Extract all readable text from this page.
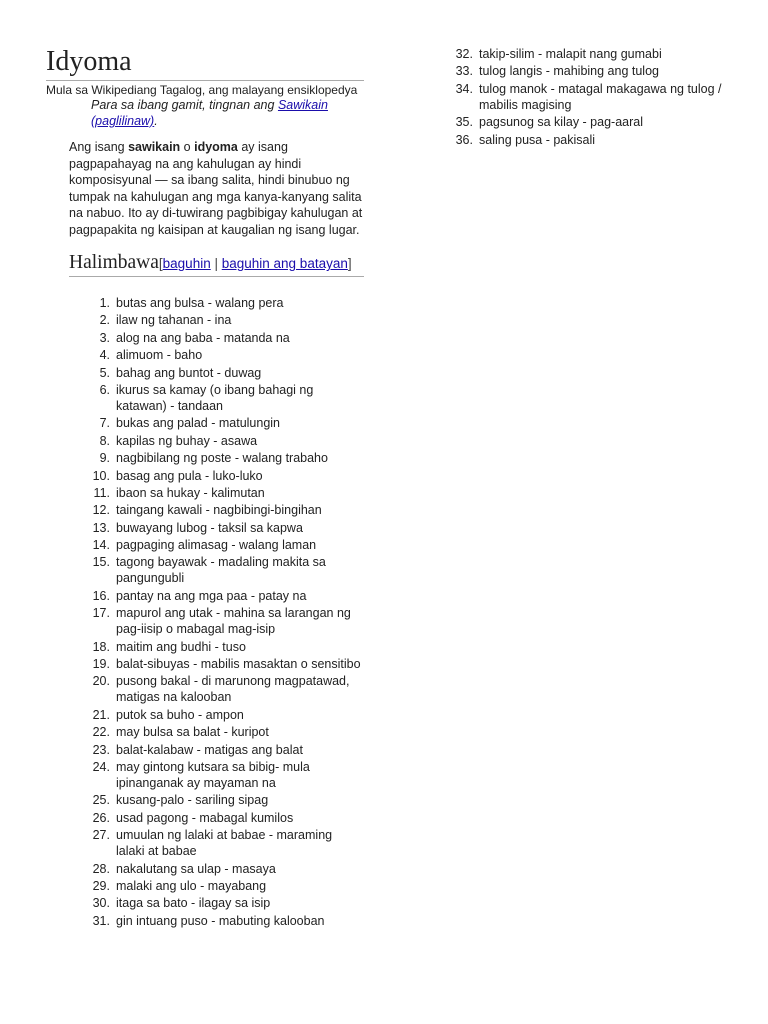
Idyoma
Mula sa Wikipediang Tagalog, ang malayang ensiklopedya
Para sa ibang gamit, tingnan ang Sawikain (paglilinaw).
Ang isang sawikain o idyoma ay isang pagpapahayag na ang kahulugan ay hindi komposisyunal — sa ibang salita, hindi binubuo ng tumpak na kahulugan ang mga kanya-kanyang salita na nabuo. Ito ay di-tuwirang pagbibigay kahulugan at pagpapakita ng kaisipan at kaugalian ng isang lugar.
Halimbawa[baguhin | baguhin ang batayan]
1. butas ang bulsa - walang pera
2. ilaw ng tahanan - ina
3. alog na ang baba - matanda na
4. alimuom - baho
5. bahag ang buntot - duwag
6. ikurus sa kamay (o ibang bahagi ng katawan) - tandaan
7. bukas ang palad - matulungin
8. kapilas ng buhay - asawa
9. nagbibilang ng poste - walang trabaho
10. basag ang pula - luko-luko
11. ibaon sa hukay - kalimutan
12. taingang kawali - nagbibingi-bingihan
13. buwayang lubog - taksil sa kapwa
14. pagpaging alimasag - walang laman
15. tagong bayawak - madaling makita sa pangungubli
16. pantay na ang mga paa - patay na
17. mapurol ang utak - mahina sa larangan ng pag-iisip o mabagal mag-isip
18. maitim ang budhi - tuso
19. balat-sibuyas - mabilis masaktan o sensitibo
20. pusong bakal - di marunong magpatawad, matigas na kalooban
21. putok sa buho - ampon
22. may bulsa sa balat - kuripot
23. balat-kalabaw - matigas ang balat
24. may gintong kutsara sa bibig- mula ipinanganak ay mayaman na
25. kusang-palo - sariling sipag
26. usad pagong - mabagal kumilos
27. umuulan ng lalaki at babae - maraming lalaki at babae
28. nakalutang sa ulap - masaya
29. malaki ang ulo - mayabang
30. itaga sa bato - ilagay sa isip
31. gin intuang puso - mabuting kalooban
32. takip-silim - malapit nang gumabi
33. tulog langis - mahibing ang tulog
34. tulog manok - matagal makagawa ng tulog / mabilis magising
35. pagsunog sa kilay - pag-aaral
36. saling pusa - pakisali
